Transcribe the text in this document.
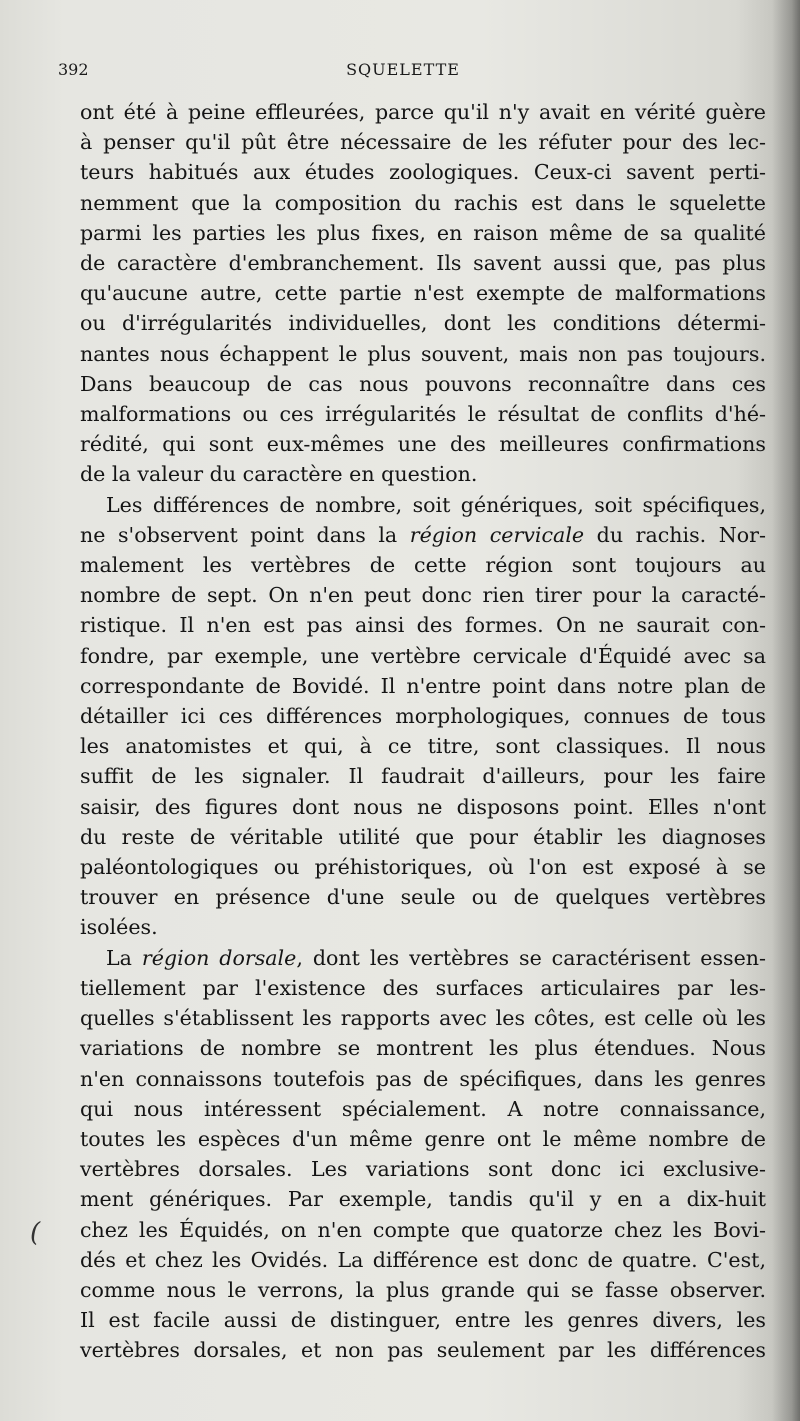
392	SQUELETTE
ont été à peine effleurées, parce qu'il n'y avait en vérité guère
à penser qu'il pût être nécessaire de les réfuter pour des lec-
teurs habitués aux études zoologiques. Ceux-ci savent perti-
nemment que la composition du rachis est dans le squelette
parmi les parties les plus fixes, en raison même de sa qualité
de caractère d'embranchement. Ils savent aussi que, pas plus
qu'aucune autre, cette partie n'est exempte de malformations
ou d'irrégularités individuelles, dont les conditions détermi-
nantes nous échappent le plus souvent, mais non pas toujours.
Dans beaucoup de cas nous pouvons reconnaître dans ces
malformations ou ces irrégularités le résultat de conflits d'hé-
rédité, qui sont eux-mêmes une des meilleures confirmations
de la valeur du caractère en question.
Les différences de nombre, soit génériques, soit spécifiques,
ne s'observent point dans la région cervicale du rachis. Nor-
malement les vertèbres de cette région sont toujours au
nombre de sept. On n'en peut donc rien tirer pour la caracté-
ristique. Il n'en est pas ainsi des formes. On ne saurait con-
fondre, par exemple, une vertèbre cervicale d'Équidé avec sa
correspondante de Bovidé. Il n'entre point dans notre plan de
détailler ici ces différences morphologiques, connues de tous
les anatomistes et qui, à ce titre, sont classiques. Il nous
suffit de les signaler. Il faudrait d'ailleurs, pour les faire
saisir, des figures dont nous ne disposons point. Elles n'ont
du reste de véritable utilité que pour établir les diagnoses
paléontologiques ou préhistoriques, où l'on est exposé à se
trouver en présence d'une seule ou de quelques vertèbres
isolées.
La région dorsale, dont les vertèbres se caractérisent essen-
tiellement par l'existence des surfaces articulaires par les-
quelles s'établissent les rapports avec les côtes, est celle où les
variations de nombre se montrent les plus étendues. Nous
n'en connaissons toutefois pas de spécifiques, dans les genres
qui nous intéressent spécialement. A notre connaissance,
toutes les espèces d'un même genre ont le même nombre de
vertèbres dorsales. Les variations sont donc ici exclusive-
ment génériques. Par exemple, tandis qu'il y en a dix-huit
chez les Équidés, on n'en compte que quatorze chez les Bovi-
dés et chez les Ovidés. La différence est donc de quatre. C'est,
comme nous le verrons, la plus grande qui se fasse observer.
Il est facile aussi de distinguer, entre les genres divers, les
vertèbres dorsales, et non pas seulement par les différences
(
